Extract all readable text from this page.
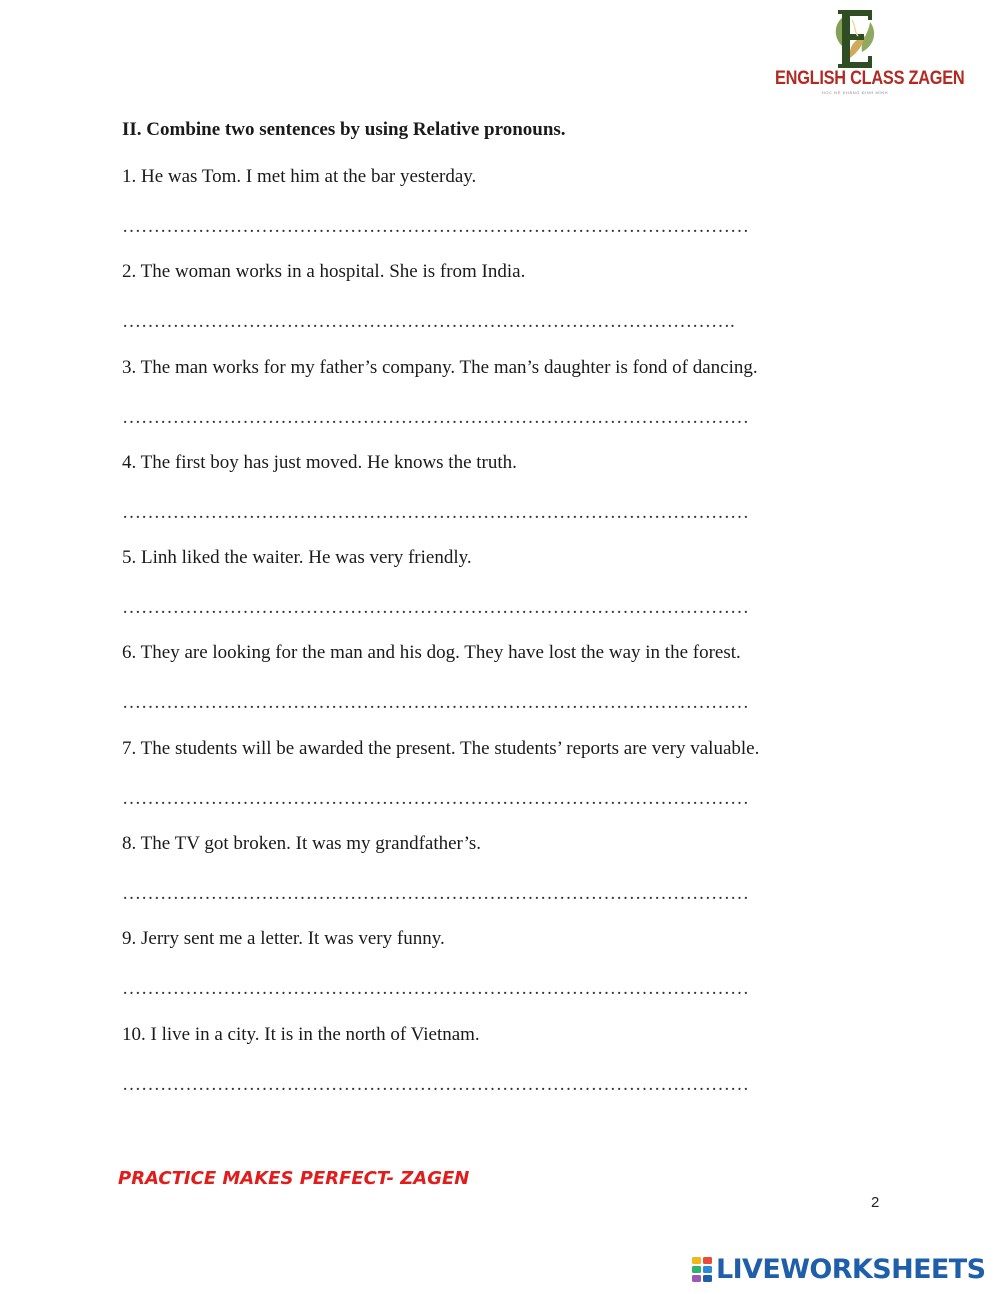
ENGLISH CLASS ZAGEN
HỌC ĐỂ KHẲNG ĐỊNH MÌNH
II. Combine two sentences by using Relative pronouns.
1. He was Tom. I met him at the bar yesterday.
………………………………………………………………………………………
2. The woman works in a hospital. She is from India.
…………………………………………………………………………………….
3. The man works for my father’s company. The man’s daughter is fond of dancing.
………………………………………………………………………………………
4. The first boy has just moved. He knows the truth.
………………………………………………………………………………………
5. Linh liked the waiter. He was very friendly.
………………………………………………………………………………………
6. They are looking for the man and his dog. They have lost the way in the forest.
………………………………………………………………………………………
7. The students will be awarded the present. The students’ reports are very valuable.
………………………………………………………………………………………
8. The TV got broken. It was my grandfather’s.
………………………………………………………………………………………
9. Jerry sent me a letter. It was very funny.
………………………………………………………………………………………
10. I live in a city. It is in the north of Vietnam.
………………………………………………………………………………………
PRACTICE MAKES PERFECT- ZAGEN
2
LIVEWORKSHEETS
